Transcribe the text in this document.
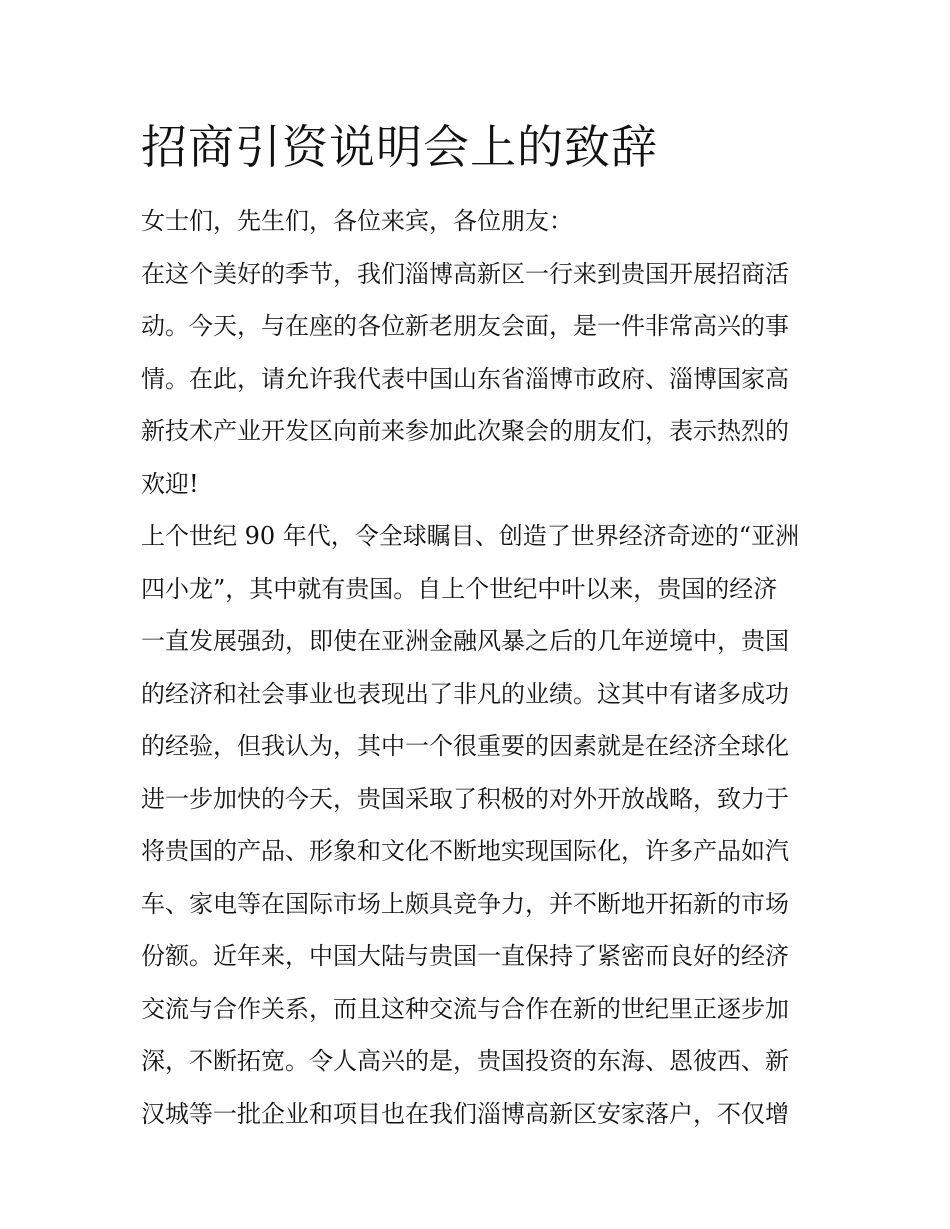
招商引资说明会上的致辞
女士们，先生们，各位来宾，各位朋友：
在这个美好的季节，我们淄博高新区一行来到贵国开展招商活
动。今天，与在座的各位新老朋友会面，是一件非常高兴的事
情。在此，请允许我代表中国山东省淄博市政府、淄博国家高
新技术产业开发区向前来参加此次聚会的朋友们，表示热烈的
欢迎!
上个世纪 90 年代，令全球瞩目、创造了世界经济奇迹的“亚洲
四小龙”，其中就有贵国。自上个世纪中叶以来，贵国的经济
一直发展强劲，即使在亚洲金融风暴之后的几年逆境中，贵国
的经济和社会事业也表现出了非凡的业绩。这其中有诸多成功
的经验，但我认为，其中一个很重要的因素就是在经济全球化
进一步加快的今天，贵国采取了积极的对外开放战略，致力于
将贵国的产品、形象和文化不断地实现国际化，许多产品如汽
车、家电等在国际市场上颇具竞争力，并不断地开拓新的市场
份额。近年来，中国大陆与贵国一直保持了紧密而良好的经济
交流与合作关系，而且这种交流与合作在新的世纪里正逐步加
深，不断拓宽。令人高兴的是，贵国投资的东海、恩彼西、新
汉城等一批企业和项目也在我们淄博高新区安家落户，不仅增
